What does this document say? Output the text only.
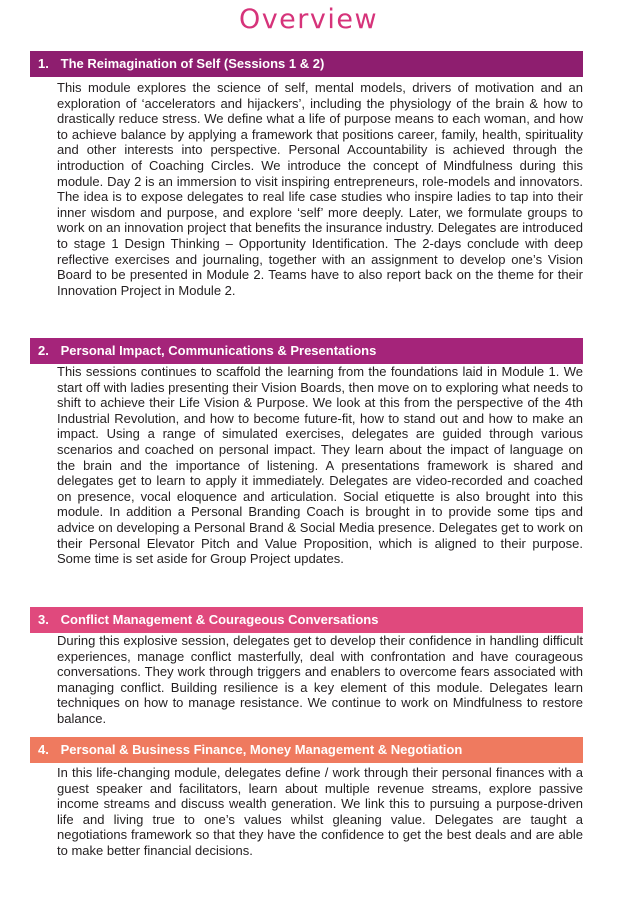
Overview
1. The Reimagination of Self (Sessions 1 & 2)

This module explores the science of self, mental models, drivers of motivation and an exploration of ‘accelerators and hijackers’, including the physiology of the brain & how to drastically reduce stress. We define what a life of purpose means to each woman, and how to achieve balance by applying a framework that positions career, family, health, spirituality and other interests into perspective. Personal Accountability is achieved through the introduction of Coaching Circles. We introduce the concept of Mindfulness during this module. Day 2 is an immersion to visit inspiring entrepreneurs, role-models and innovators. The idea is to expose delegates to real life case studies who inspire ladies to tap into their inner wisdom and purpose, and explore ‘self’ more deeply. Later, we formulate groups to work on an innovation project that benefits the insurance industry. Delegates are introduced to stage 1 Design Thinking – Opportunity Identification. The 2-days conclude with deep reflective exercises and journaling, together with an assignment to develop one’s Vision Board to be presented in Module 2. Teams have to also report back on the theme for their Innovation Project in Module 2.

2. Personal Impact, Communications & Presentations

This sessions continues to scaffold the learning from the foundations laid in Module 1. We start off with ladies presenting their Vision Boards, then move on to exploring what needs to shift to achieve their Life Vision & Purpose. We look at this from the perspective of the 4th Industrial Revolution, and how to become future-fit, how to stand out and how to make an impact. Using a range of simulated exercises, delegates are guided through various scenarios and coached on personal impact. They learn about the impact of language on the brain and the importance of listening. A presentations framework is shared and delegates get to learn to apply it immediately. Delegates are video-recorded and coached on presence, vocal eloquence and articulation. Social etiquette is also brought into this module. In addition a Personal Branding Coach is brought in to provide some tips and advice on developing a Personal Brand & Social Media presence. Delegates get to work on their Personal Elevator Pitch and Value Proposition, which is aligned to their purpose. Some time is set aside for Group Project updates.

3. Conflict Management & Courageous Conversations

During this explosive session, delegates get to develop their confidence in handling difficult experiences, manage conflict masterfully, deal with confrontation and have courageous conversations. They work through triggers and enablers to overcome fears associated with managing conflict. Building resilience is a key element of this module. Delegates learn techniques on how to manage resistance. We continue to work on Mindfulness to restore balance.

4. Personal & Business Finance, Money Management & Negotiation

In this life-changing module, delegates define / work through their personal finances with a guest speaker and facilitators, learn about multiple revenue streams, explore passive income streams and discuss wealth generation. We link this to pursuing a purpose-driven life and living true to one’s values whilst gleaning value. Delegates are taught a negotiations framework so that they have the confidence to get the best deals and are able to make better financial decisions.
